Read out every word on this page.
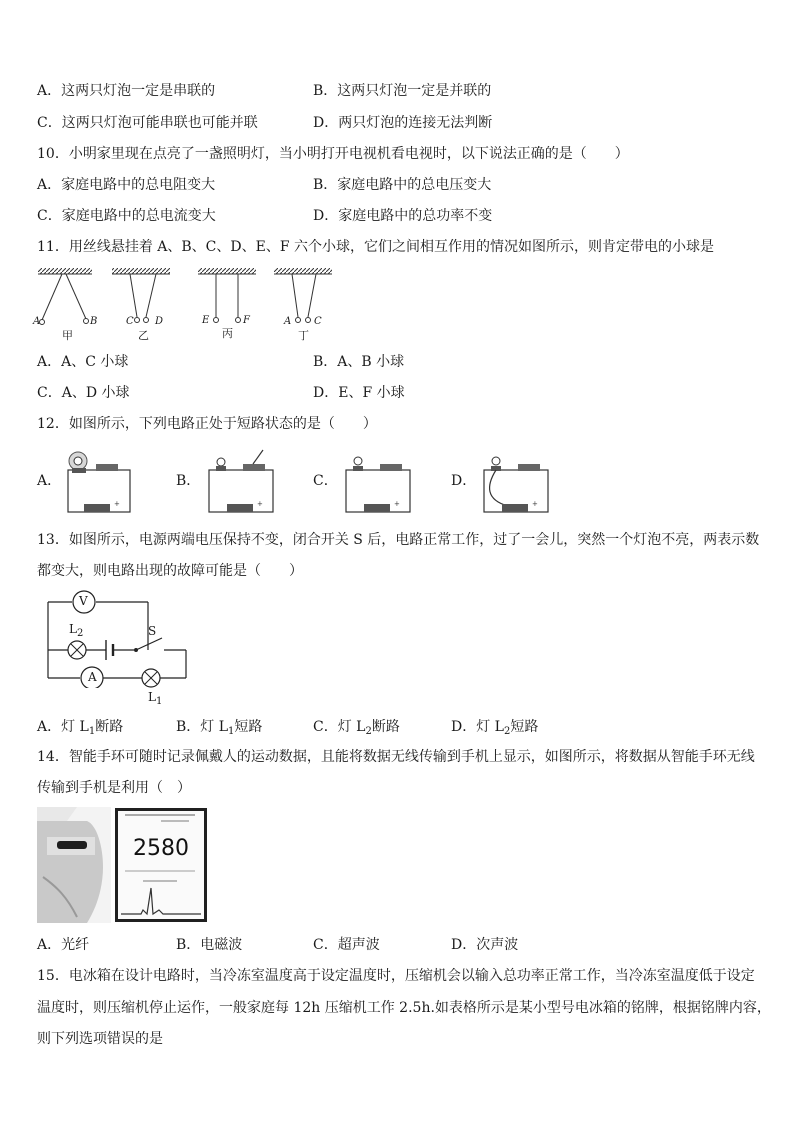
A．这两只灯泡一定是串联的	B．这两只灯泡一定是并联的
C．这两只灯泡可能串联也可能并联	D．两只灯泡的连接无法判断
10．小明家里现在点亮了一盏照明灯，当小明打开电视机看电视时，以下说法正确的是（　　）
A．家庭电路中的总电阻变大	B．家庭电路中的总电压变大
C．家庭电路中的总电流变大	D．家庭电路中的总功率不变
11．用丝线悬挂着 A、B、C、D、E、F 六个小球，它们之间相互作用的情况如图所示，则肯定带电的小球是
A	B
甲
C D
乙
E	F
丙
A C
丁
A．A、C 小球	B．A、B 小球
C．A、D 小球	D．E、F 小球
12．如图所示，下列电路正处于短路状态的是（　　）
A．
+
B．
+
C．
+
D．
+
13．如图所示，电源两端电压保持不变，闭合开关 S 后，电路正常工作，过了一会儿，突然一个灯泡不亮，两表示数
都变大，则电路出现的故障可能是（　　）
V
A
$L_2$	S
$L_1$
A．灯 $L_1$断路	B．灯 $L_1$短路	C．灯 $L_2$断路	D．灯 $L_2$短路
14．智能手环可随时记录佩戴人的运动数据，且能将数据无线传输到手机上显示，如图所示，将数据从智能手环无线
传输到手机是利用（　）
2580
A．光纤	B．电磁波	C．超声波	D．次声波
15．电冰箱在设计电路时，当冷冻室温度高于设定温度时，压缩机会以输入总功率正常工作，当冷冻室温度低于设定
温度时，则压缩机停止运作，一般家庭每 12h 压缩机工作 2.5h.如表格所示是某小型号电冰箱的铭牌，根据铭牌内容，
则下列选项错误的是
